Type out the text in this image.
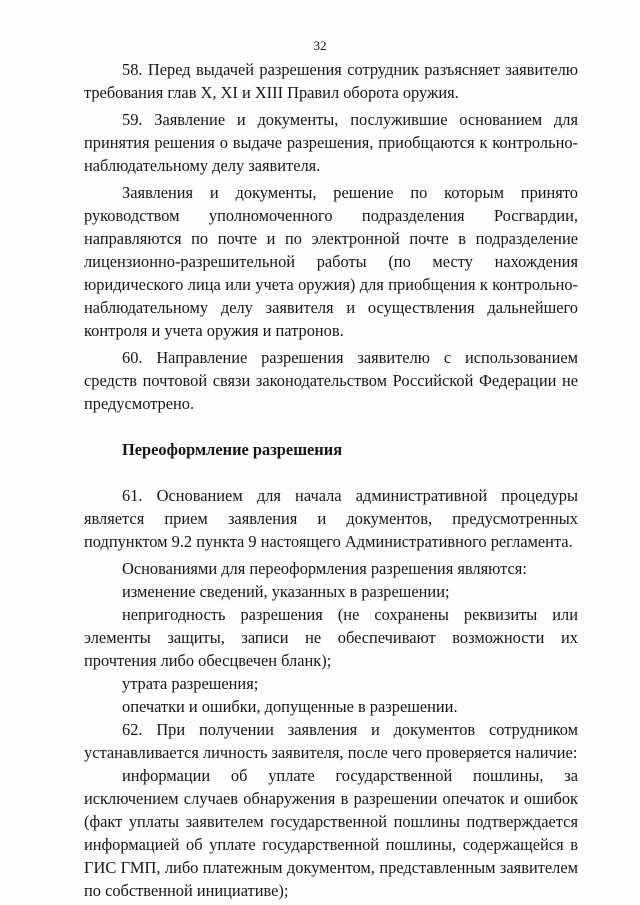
32

58. Перед выдачей разрешения сотрудник разъясняет заявителю требования глав X, XI и XIII Правил оборота оружия.

59. Заявление и документы, послужившие основанием для принятия решения о выдаче разрешения, приобщаются к контрольно-наблюдательному делу заявителя.

Заявления и документы, решение по которым принято руководством уполномоченного подразделения Росгвардии, направляются по почте и по электронной почте в подразделение лицензионно-разрешительной работы (по месту нахождения юридического лица или учета оружия) для приобщения к контрольно-наблюдательному делу заявителя и осуществления дальнейшего контроля и учета оружия и патронов.

60. Направление разрешения заявителю с использованием средств почтовой связи законодательством Российской Федерации не предусмотрено.

Переоформление разрешения

61. Основанием для начала административной процедуры является прием заявления и документов, предусмотренных подпунктом 9.2 пункта 9 настоящего Административного регламента.

Основаниями для переоформления разрешения являются:

изменение сведений, указанных в разрешении;

непригодность разрешения (не сохранены реквизиты или элементы защиты, записи не обеспечивают возможности их прочтения либо обесцвечен бланк);

утрата разрешения;

опечатки и ошибки, допущенные в разрешении.

62. При получении заявления и документов сотрудником устанавливается личность заявителя, после чего проверяется наличие:

информации об уплате государственной пошлины, за исключением случаев обнаружения в разрешении опечаток и ошибок (факт уплаты заявителем государственной пошлины подтверждается информацией об уплате государственной пошлины, содержащейся в ГИС ГМП, либо платежным документом, представленным заявителем по собственной инициативе);
